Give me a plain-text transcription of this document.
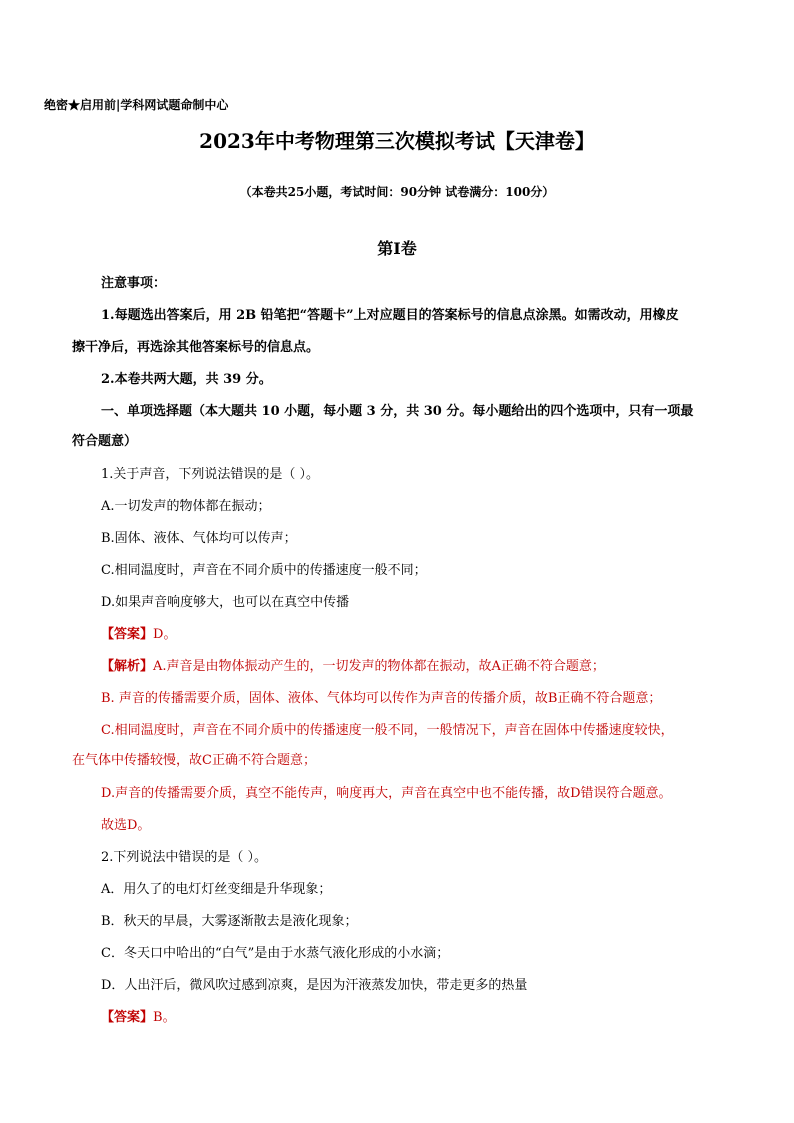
绝密★启用前|学科网试题命制中心
2023年中考物理第三次模拟考试【天津卷】
（本卷共25小题，考试时间：90分钟 试卷满分：100分）
第Ⅰ卷
注意事项：
1.每题选出答案后，用 2B 铅笔把“答题卡”上对应题目的答案标号的信息点涂黑。如需改动，用橡皮
擦干净后，再选涂其他答案标号的信息点。
2.本卷共两大题，共 39 分。
一、单项选择题（本大题共 10 小题，每小题 3 分，共 30 分。每小题给出的四个选项中，只有一项最
符合题意）
1.关于声音，下列说法错误的是（ ）。
A.一切发声的物体都在振动；
B.固体、液体、气体均可以传声；
C.相同温度时，声音在不同介质中的传播速度一般不同；
D.如果声音响度够大，也可以在真空中传播
【答案】D。
【解析】A.声音是由物体振动产生的，一切发声的物体都在振动，故A正确不符合题意；
B. 声音的传播需要介质，固体、液体、气体均可以传作为声音的传播介质，故B正确不符合题意；
C.相同温度时，声音在不同介质中的传播速度一般不同，一般情况下，声音在固体中传播速度较快，
在气体中传播较慢，故C正确不符合题意；
D.声音的传播需要介质，真空不能传声，响度再大，声音在真空中也不能传播，故D错误符合题意。
故选D。
2.下列说法中错误的是（ ）。
A．用久了的电灯灯丝变细是升华现象；
B．秋天的早晨，大雾逐渐散去是液化现象；
C．冬天口中哈出的“白气”是由于水蒸气液化形成的小水滴；
D．人出汗后，微风吹过感到凉爽，是因为汗液蒸发加快，带走更多的热量
【答案】B。
